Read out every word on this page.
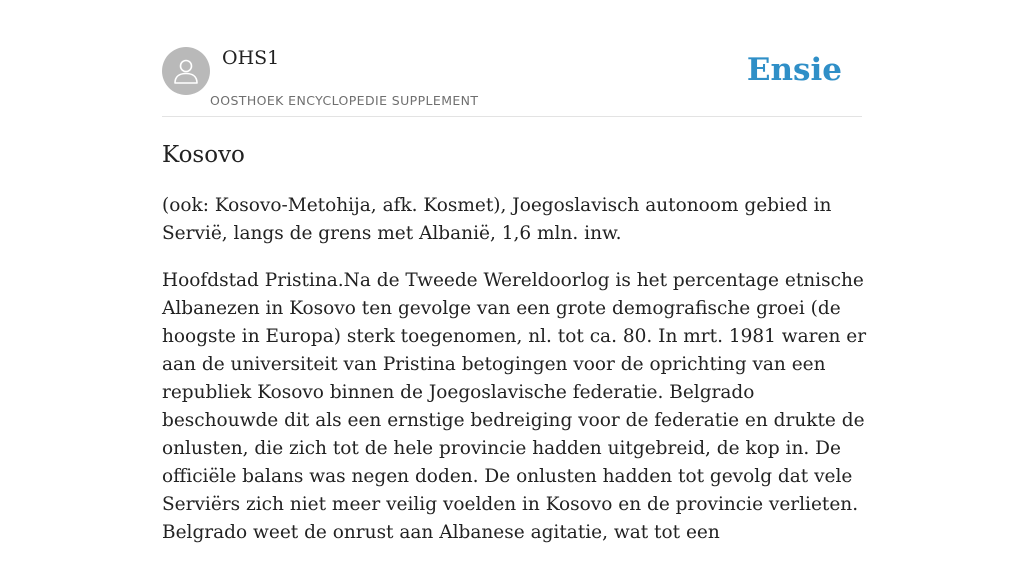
OHS1
OOSTHOEK ENCYCLOPEDIE SUPPLEMENT
Ensie
Kosovo

(ook: Kosovo-Metohija, afk. Kosmet), Joegoslavisch autonoom gebied in Servië, langs de grens met Albanië, 1,6 mln. inw.

Hoofdstad Pristina.Na de Tweede Wereldoorlog is het percentage etnische Albanezen in Kosovo ten gevolge van een grote demografische groei (de hoogste in Europa) sterk toegenomen, nl. tot ca. 80. In mrt. 1981 waren er aan de universiteit van Pristina betogingen voor de oprichting van een republiek Kosovo binnen de Joegoslavische federatie. Belgrado beschouwde dit als een ernstige bedreiging voor de federatie en drukte de onlusten, die zich tot de hele provincie hadden uitgebreid, de kop in. De officiële balans was negen doden. De onlusten hadden tot gevolg dat vele Serviërs zich niet meer veilig voelden in Kosovo en de provincie verlieten. Belgrado weet de onrust aan Albanese agitatie, wat tot een
